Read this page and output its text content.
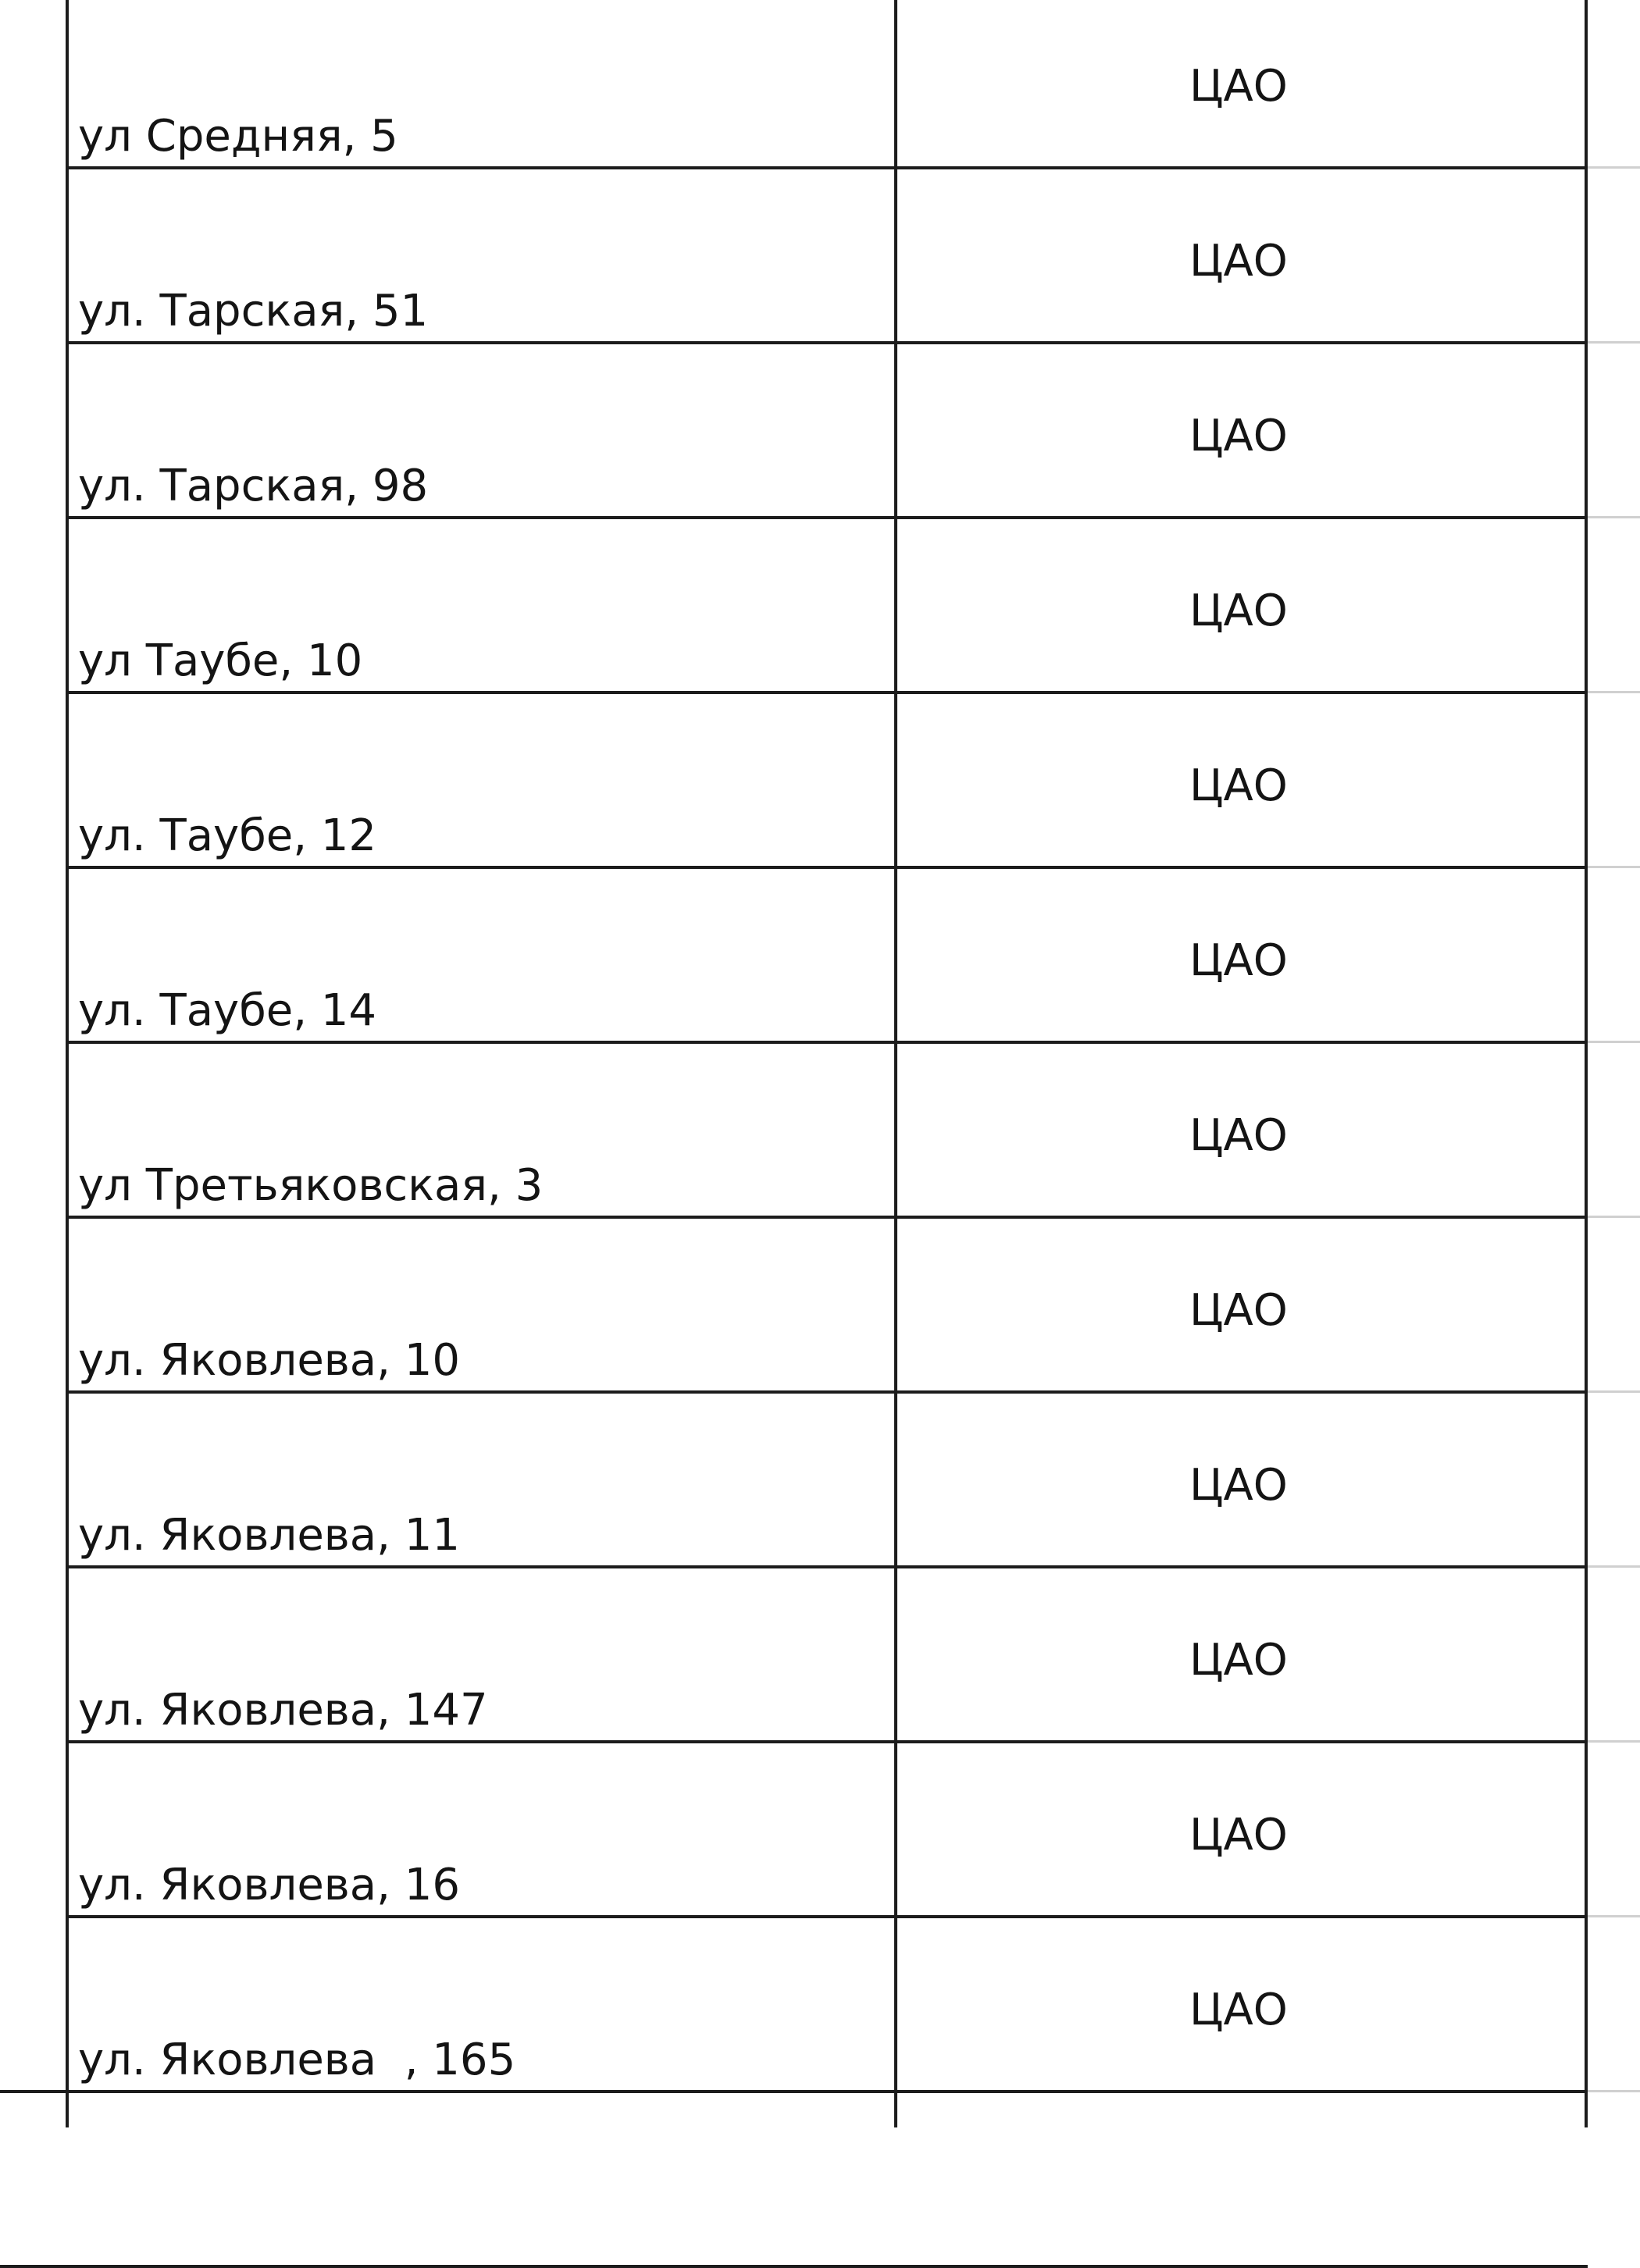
ул Средняя, 5
ЦАО
ул. Тарская, 51
ЦАО
ул. Тарская, 98
ЦАО
ул Таубе, 10
ЦАО
ул. Таубе, 12
ЦАО
ул. Таубе, 14
ЦАО
ул Третьяковская, 3
ЦАО
ул. Яковлева, 10
ЦАО
ул. Яковлева, 11
ЦАО
ул. Яковлева, 147
ЦАО
ул. Яковлева, 16
ЦАО
ул. Яковлева  , 165
ЦАО
